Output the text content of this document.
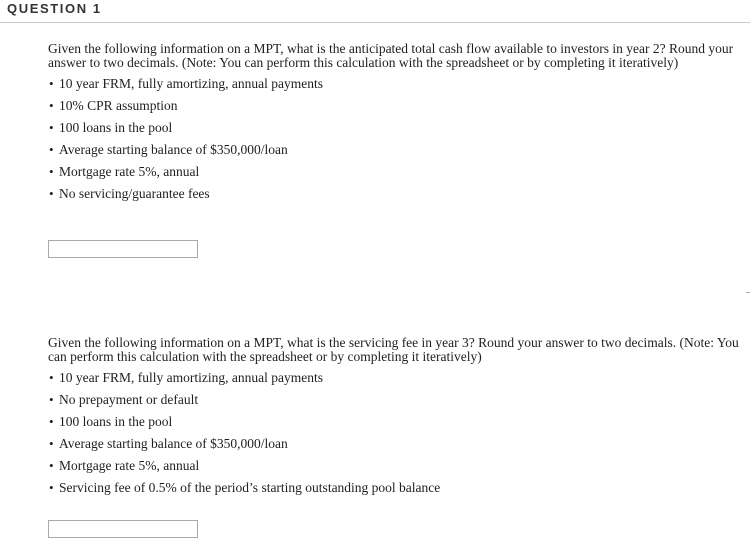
QUESTION 1

Given the following information on a MPT, what is the anticipated total cash flow available to investors in year 2? Round your answer to two decimals. (Note: You can perform this calculation with the spreadsheet or by completing it iteratively)

• 10 year FRM, fully amortizing, annual payments
• 10% CPR assumption
• 100 loans in the pool
• Average starting balance of $350,000/loan
• Mortgage rate 5%, annual
• No servicing/guarantee fees

Given the following information on a MPT, what is the servicing fee in year 3? Round your answer to two decimals. (Note: You can perform this calculation with the spreadsheet or by completing it iteratively)

• 10 year FRM, fully amortizing, annual payments
• No prepayment or default
• 100 loans in the pool
• Average starting balance of $350,000/loan
• Mortgage rate 5%, annual
• Servicing fee of 0.5% of the period’s starting outstanding pool balance
